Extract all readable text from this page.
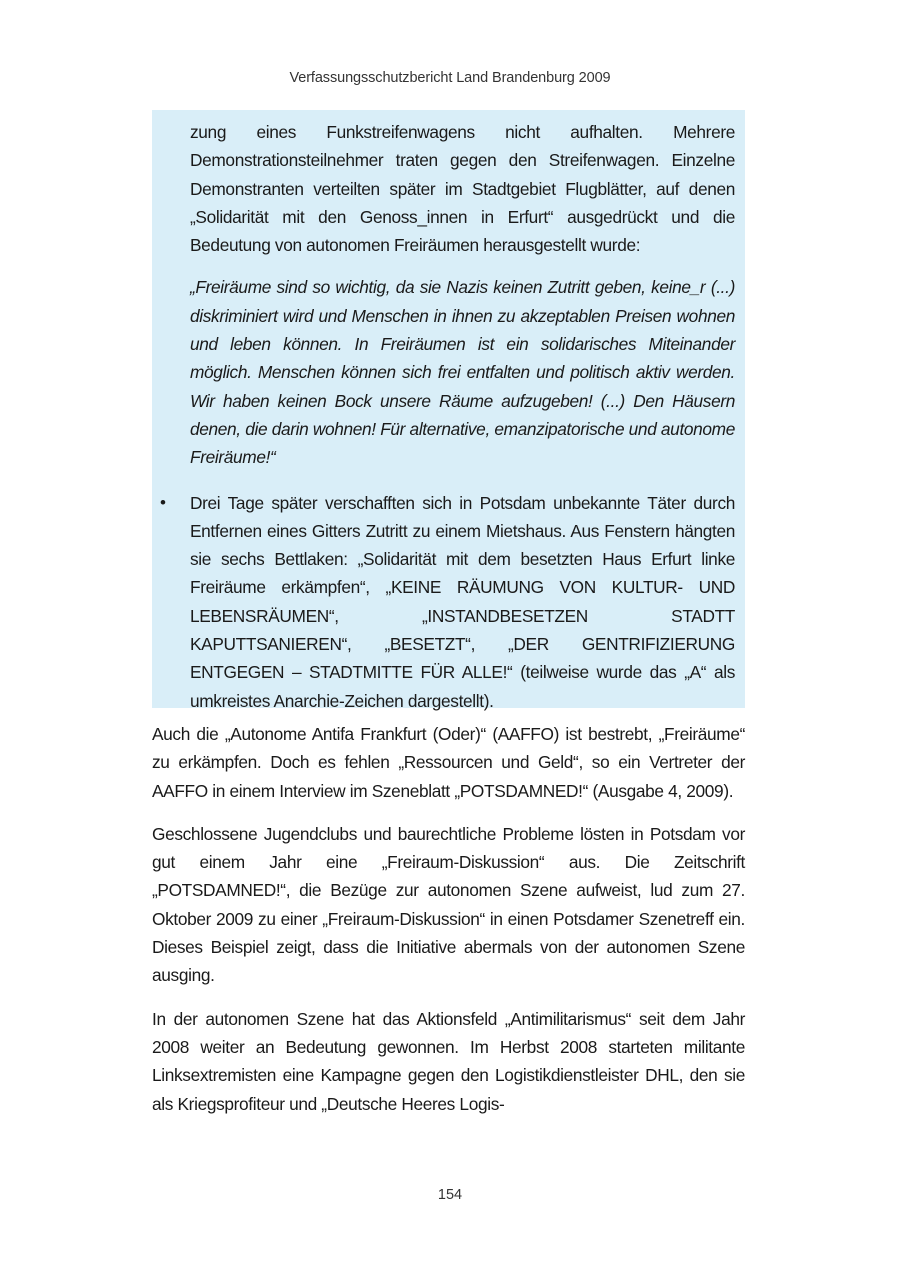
Verfassungsschutzbericht Land Brandenburg 2009

zung eines Funkstreifenwagens nicht aufhalten. Mehrere Demonstrationsteilnehmer traten gegen den Streifenwagen. Einzelne Demonstranten verteilten später im Stadtgebiet Flugblätter, auf denen „Solidarität mit den Genoss_innen in Erfurt“ ausgedrückt und die Bedeutung von autonomen Freiräumen herausgestellt wurde:

„Freiräume sind so wichtig, da sie Nazis keinen Zutritt geben, keine_r (...) diskriminiert wird und Menschen in ihnen zu akzeptablen Preisen wohnen und leben können. In Freiräumen ist ein solidarisches Miteinander möglich. Menschen können sich frei entfalten und politisch aktiv werden. Wir haben keinen Bock unsere Räume aufzugeben! (...) Den Häusern denen, die darin wohnen! Für alternative, emanzipatorische und autonome Freiräume!“
• Drei Tage später verschafften sich in Potsdam unbekannte Täter durch Entfernen eines Gitters Zutritt zu einem Mietshaus. Aus Fenstern hängten sie sechs Bettlaken: „Solidarität mit dem besetzten Haus Erfurt linke Freiräume erkämpfen“, „KEINE RÄUMUNG VON KULTUR- UND LEBENSRÄUMEN“, „INSTANDBESETZEN STADTT KAPUTTSANIEREN“, „BESETZT“, „DER GENTRIFIZIERUNG ENTGEGEN – STADTMITTE FÜR ALLE!“ (teilweise wurde das „A“ als umkreistes Anarchie-Zeichen dargestellt).

Auch die „Autonome Antifa Frankfurt (Oder)“ (AAFFO) ist bestrebt, „Freiräume“ zu erkämpfen. Doch es fehlen „Ressourcen und Geld“, so ein Vertreter der AAFFO in einem Interview im Szeneblatt „POTSDAMNED!“ (Ausgabe 4, 2009).

Geschlossene Jugendclubs und baurechtliche Probleme lösten in Potsdam vor gut einem Jahr eine „Freiraum-Diskussion“ aus. Die Zeitschrift „POTSDAMNED!“, die Bezüge zur autonomen Szene aufweist, lud zum 27. Oktober 2009 zu einer „Freiraum-Diskussion“ in einen Potsdamer Szenetreff ein. Dieses Beispiel zeigt, dass die Initiative abermals von der autonomen Szene ausging.

In der autonomen Szene hat das Aktionsfeld „Antimilitarismus“ seit dem Jahr 2008 weiter an Bedeutung gewonnen. Im Herbst 2008 starteten militante Linksextremisten eine Kampagne gegen den Logistikdienstleister DHL, den sie als Kriegsprofiteur und „Deutsche Heeres Logis-

154
